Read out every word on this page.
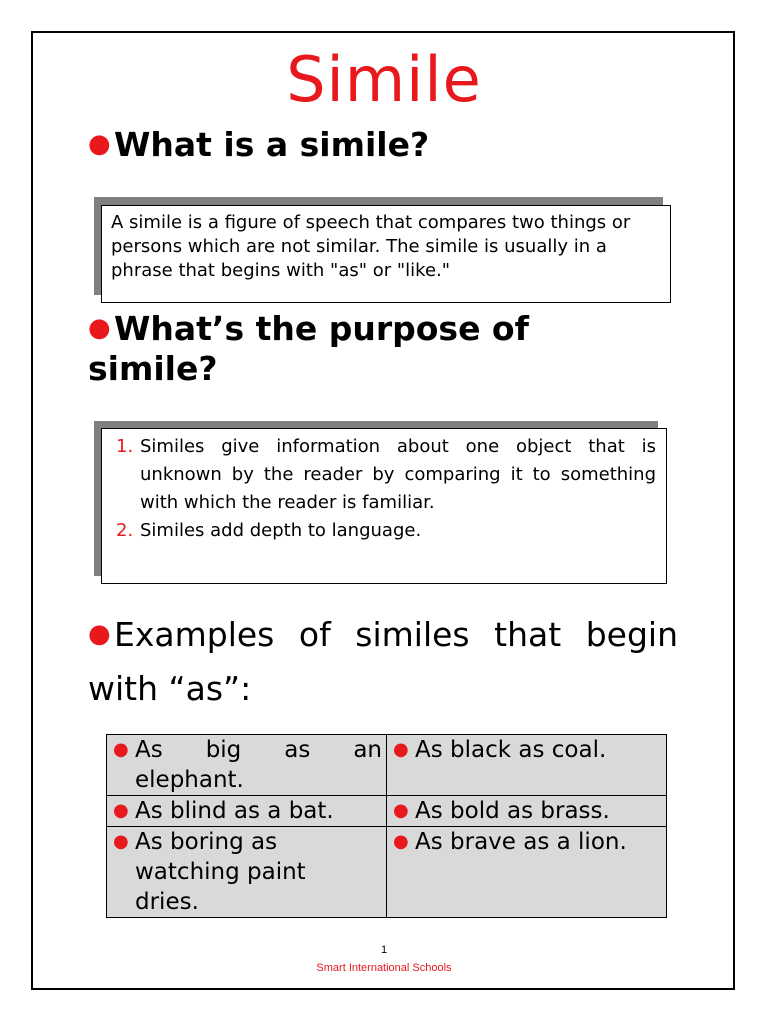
Simile
● What is a simile?
A simile is a figure of speech that compares two things or persons which are not similar. The simile is usually in a phrase that begins with "as" or "like."
● What’s the purpose of simile?
1. Similes give information about one object that is unknown by the reader by comparing it to something with which the reader is familiar.
2. Similes add depth to language.
● Examples of similes that begin with “as”:
● As big as an elephant.	● As black as coal.

● As blind as a bat.	● As bold as brass.

● As boring as watching paint dries.	● As brave as a lion.
1
Smart International Schools
